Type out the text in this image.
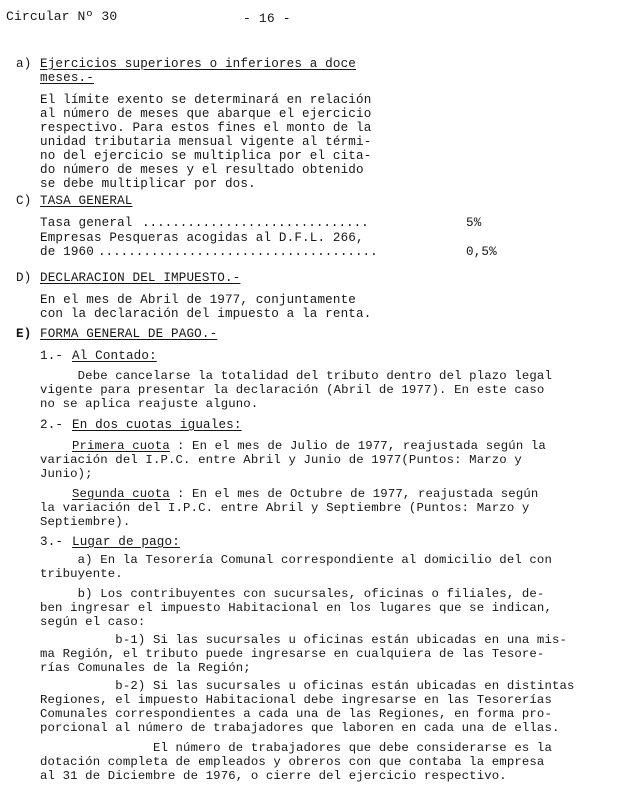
Circular Nº 30	- 16 -
a) Ejercicios superiores o inferiores a doce
meses.-
El límite exento se determinará en relación
al número de meses que abarque el ejercicio
respectivo. Para estos fines el monto de la
unidad tributaria mensual vigente al térmi-
no del ejercicio se multiplica por el cita-
do número de meses y el resultado obtenido
se debe multiplicar por dos.
C) TASA GENERAL
Tasa general ..............................	5%
Empresas Pesqueras acogidas al D.F.L. 266,
de 1960 .....................................	0,5%
D) DECLARACION DEL IMPUESTO.-
En el mes de Abril de 1977, conjuntamente
con la declaración del impuesto a la renta.
E) FORMA GENERAL DE PAGO.-
1.- Al Contado:
Debe cancelarse la totalidad del tributo dentro del plazo legal
vigente para presentar la declaración (Abril de 1977). En este caso
no se aplica reajuste alguno.
2.- En dos cuotas iguales:
Primera cuota : En el mes de Julio de 1977, reajustada según la
variación del I.P.C. entre Abril y Junio de 1977(Puntos: Marzo y
Junio);
Segunda cuota : En el mes de Octubre de 1977, reajustada según
la variación del I.P.C. entre Abril y Septiembre (Puntos: Marzo y
Septiembre).
3.- Lugar de pago:
a) En la Tesorería Comunal correspondiente al domicilio del con
tribuyente.
b) Los contribuyentes con sucursales, oficinas o filiales, de-
ben ingresar el impuesto Habitacional en los lugares que se indican,
según el caso:
b-1) Si las sucursales u oficinas están ubicadas en una mis-
ma Región, el tributo puede ingresarse en cualquiera de las Tesore-
rías Comunales de la Región;
b-2) Si las sucursales u oficinas están ubicadas en distintas
Regiones, el impuesto Habitacional debe ingresarse en las Tesorerías
Comunales correspondientes a cada una de las Regiones, en forma pro-
porcional al número de trabajadores que laboren en cada una de ellas.
El número de trabajadores que debe considerarse es la
dotación completa de empleados y obreros con que contaba la empresa
al 31 de Diciembre de 1976, o cierre del ejercicio respectivo.
